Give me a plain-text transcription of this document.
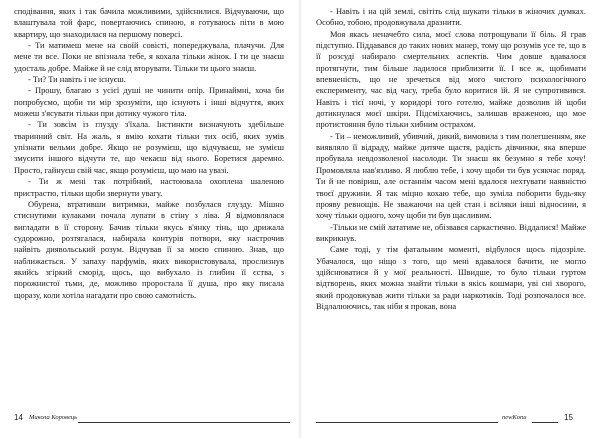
сподівання, яких і так бачила можливими, здійснилися. Відчуваючи, що влаштувала той фарс, повертаючись спиною, я готуваюсь піти в мою квартиру, що знаходилася на першому поверсі.

- Ти матимеш мене на своїй совісті, попереджувала, плачучи. Для мене ти все. Поки не впізнала тебе, я кохала тільки жінок. І ти це знаєш удосталь добре. Майже й не слід вторувати. Тільки ти цього знаєш.

- Ти? Ти навіть і не існуєш.

- Прошу, благаю з усієї душі не чинити опір. Принаймні, хоча би попробуємо, щоби ти мір зрозуміти, що існують і інші відчуття, яких можеш з'ясувати тільки при дотику чужого тіла.

- Ти зовсім із глузду з'їхала. Інстинкти визначують здебільше тваринний світ. На жаль, я вмію кохати тільки тих осіб, яких зумів упізнати вельми добре. Якщо не розумієш, що відчуваєш, не зумієш змусити іншого відчути те, що чекаєш від нього. Боретися даремно. Просто, гайнуєш свій час, якщо розумієш, що маю на увазі.

- Ти ж мені так потрібний, настоювала охоплена шаленою пристрастю, тільки щоби звернути увагу.

Обурена, втративши витримки, майже позбулася глузду. Мішно стиснутими кулаками почала лупати в стіну з ліва. Я відмовлялася вигладати в її сторону. Бачив тільки якусь в'янку тінь, що дрижала судорожно, розтягалася, набирала контурів потвори, яку настрочив найвіть диявольський розум. Відчував її за моєю спиною. Знав, що наближається. У запаху парфумів, яких використовувала, прослизнув якийсь згіркий сморід, щось, що вибухало із глибин її єства, з порожнистої тьми, де, можливо проростала її душа, про яку писала щоразу, коли хотіла нагадати про свою самотність.

- Навіть і на цій землі, світіть слід шукати тільки в жіночих думках. Особно, тобою, продовжувала дразнити.

Моя якась неначебто сила, моєї слова потрощували її біль. Я грав підступно. Піддавався до таких нових манер, тому що розумів усе те, що в її розсуді набирало смертельних аспектів. Чим довше вдавалося протягнути, тим більше ладилося приблизити її. І все ж, щобимати впевненість, що не зречеться від мого чистого психологічного експерименту, час від часу, треба було коритися їй. Я не супротивився. Навіть і тієї ночі, у коридорі того готелю, майже дозволив ій щоби дотикнулася моєї шкіри. Підсміхаючись, залишав враженою, що мое протистояння було тільки хибним острахом.

- Ти – неможливий, убивчий, дикий, вимовила з тим полегшенням, яке виявляло її відраду, майже дитяче щастя, радість дівчинки, яка вперше пробувала невдозволеної насолоди. Ти знаєш як безумно я тебе хочу! Промовляла нав'язливо. Я люблю тебе, і хочу щоби ти був усякчас поряд. Ти й не повіриш, але останнім часом мені вдалося нехтувати наявністю твоєї дружини. Я так міцно кохаю тебе, що зуміла поборити будь-яку прояву ревнощів. Не зважаючи на цей стан і всіляки інші відносини, я хочу тільки одного, хочу щоби ти був щасливим.

-Тільки не смій лататиме не, обізвався саркастично. Віддалися! Майже викрикнув.

Саме тоді, у тім фатальним моменті, відбулося щось підозріле. Убачалося, що ніщо з того, що мені вдавалося бачити, не могло здійснюватися й у мої реальності. Швидше, то було тільки гуртом відтворень, яких можна знайти тільки в якісь кошмари, уві сні хворого, який продовжував жити тільки за ради наркотиків. Тоді розпочалося все. Відлалюючись, так ніби я прокав, вона

14 Микола Коровець	newKonu	15
